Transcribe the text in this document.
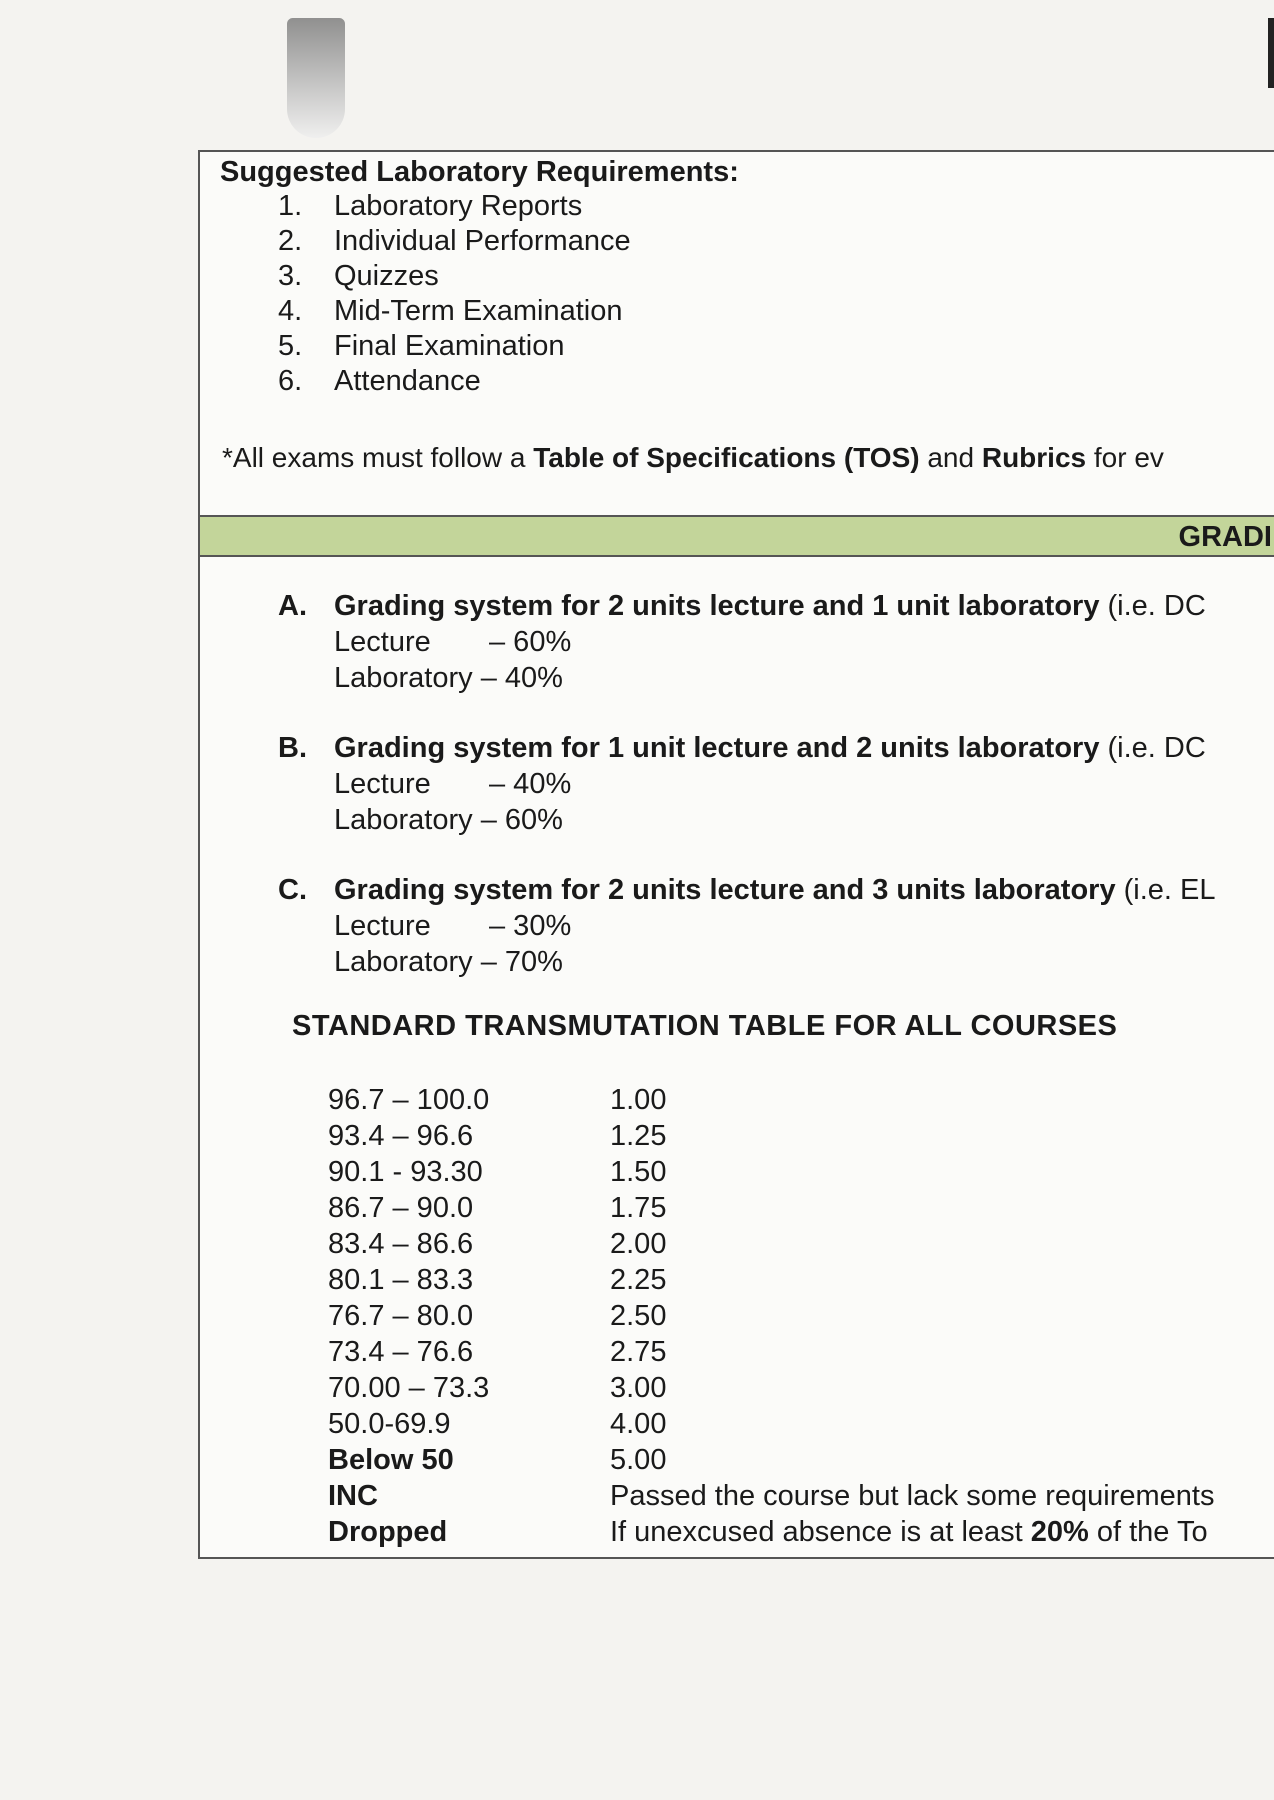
Suggested Laboratory Requirements:
1. Laboratory Reports
2. Individual Performance
3. Quizzes
4. Mid-Term Examination
5. Final Examination
6. Attendance
*All exams must follow a Table of Specifications (TOS) and Rubrics for ev
GRADI
A. Grading system for 2 units lecture and 1 unit laboratory (i.e. DC
Lecture – 60%
Laboratory – 40%
B. Grading system for 1 unit lecture and 2 units laboratory (i.e. DC
Lecture – 40%
Laboratory – 60%
C. Grading system for 2 units lecture and 3 units laboratory (i.e. EL
Lecture – 30%
Laboratory – 70%
STANDARD TRANSMUTATION TABLE FOR ALL COURSES
96.7 – 100.0	1.00
93.4 – 96.6	1.25
90.1 - 93.30	1.50
86.7 – 90.0	1.75
83.4 – 86.6	2.00
80.1 – 83.3	2.25
76.7 – 80.0	2.50
73.4 – 76.6	2.75
70.00 – 73.3	3.00
50.0-69.9	4.00
Below 50	5.00
INC	Passed the course but lack some requirements
Dropped	If unexcused absence is at least 20% of the To
